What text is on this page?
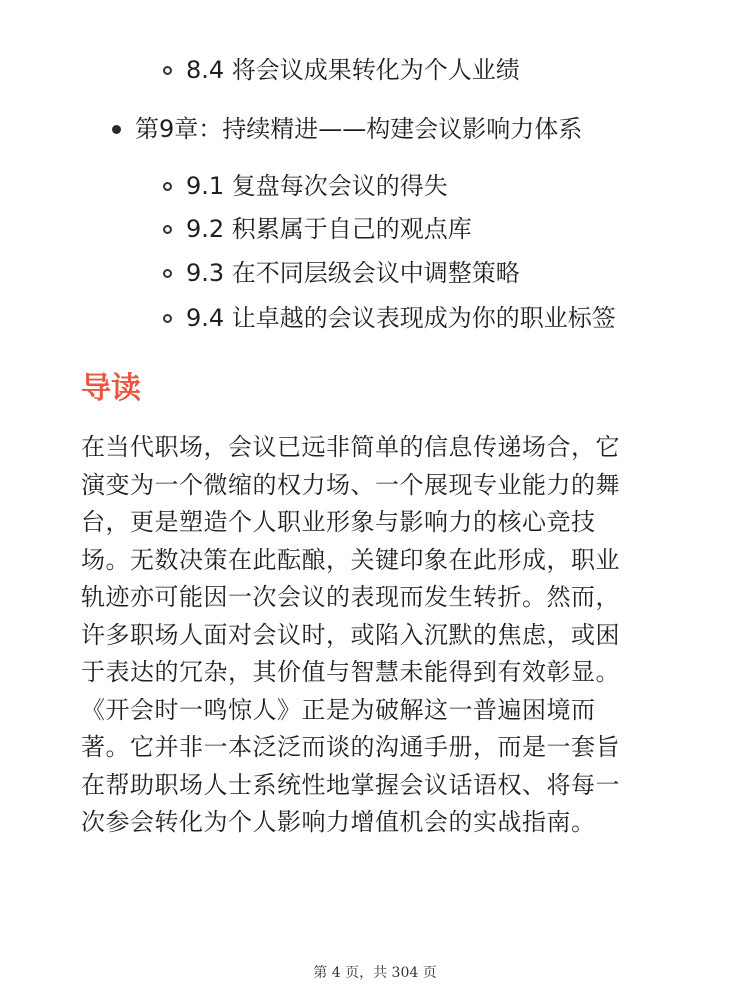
8.4 将会议成果转化为个人业绩
第9章：持续精进——构建会议影响力体系
9.1 复盘每次会议的得失
9.2 积累属于自己的观点库
9.3 在不同层级会议中调整策略
9.4 让卓越的会议表现成为你的职业标签
导读

在当代职场，会议已远非简单的信息传递场合，它
演变为一个微缩的权力场、一个展现专业能力的舞
台，更是塑造个人职业形象与影响力的核心竞技
场。无数决策在此酝酿，关键印象在此形成，职业
轨迹亦可能因一次会议的表现而发生转折。然而，
许多职场人面对会议时，或陷入沉默的焦虑，或困
于表达的冗杂，其价值与智慧未能得到有效彰显。
《开会时一鸣惊人》正是为破解这一普遍困境而
著。它并非一本泛泛而谈的沟通手册，而是一套旨
在帮助职场人士系统性地掌握会议话语权、将每一
次参会转化为个人影响力增值机会的实战指南。

第 4 页，共 304 页
